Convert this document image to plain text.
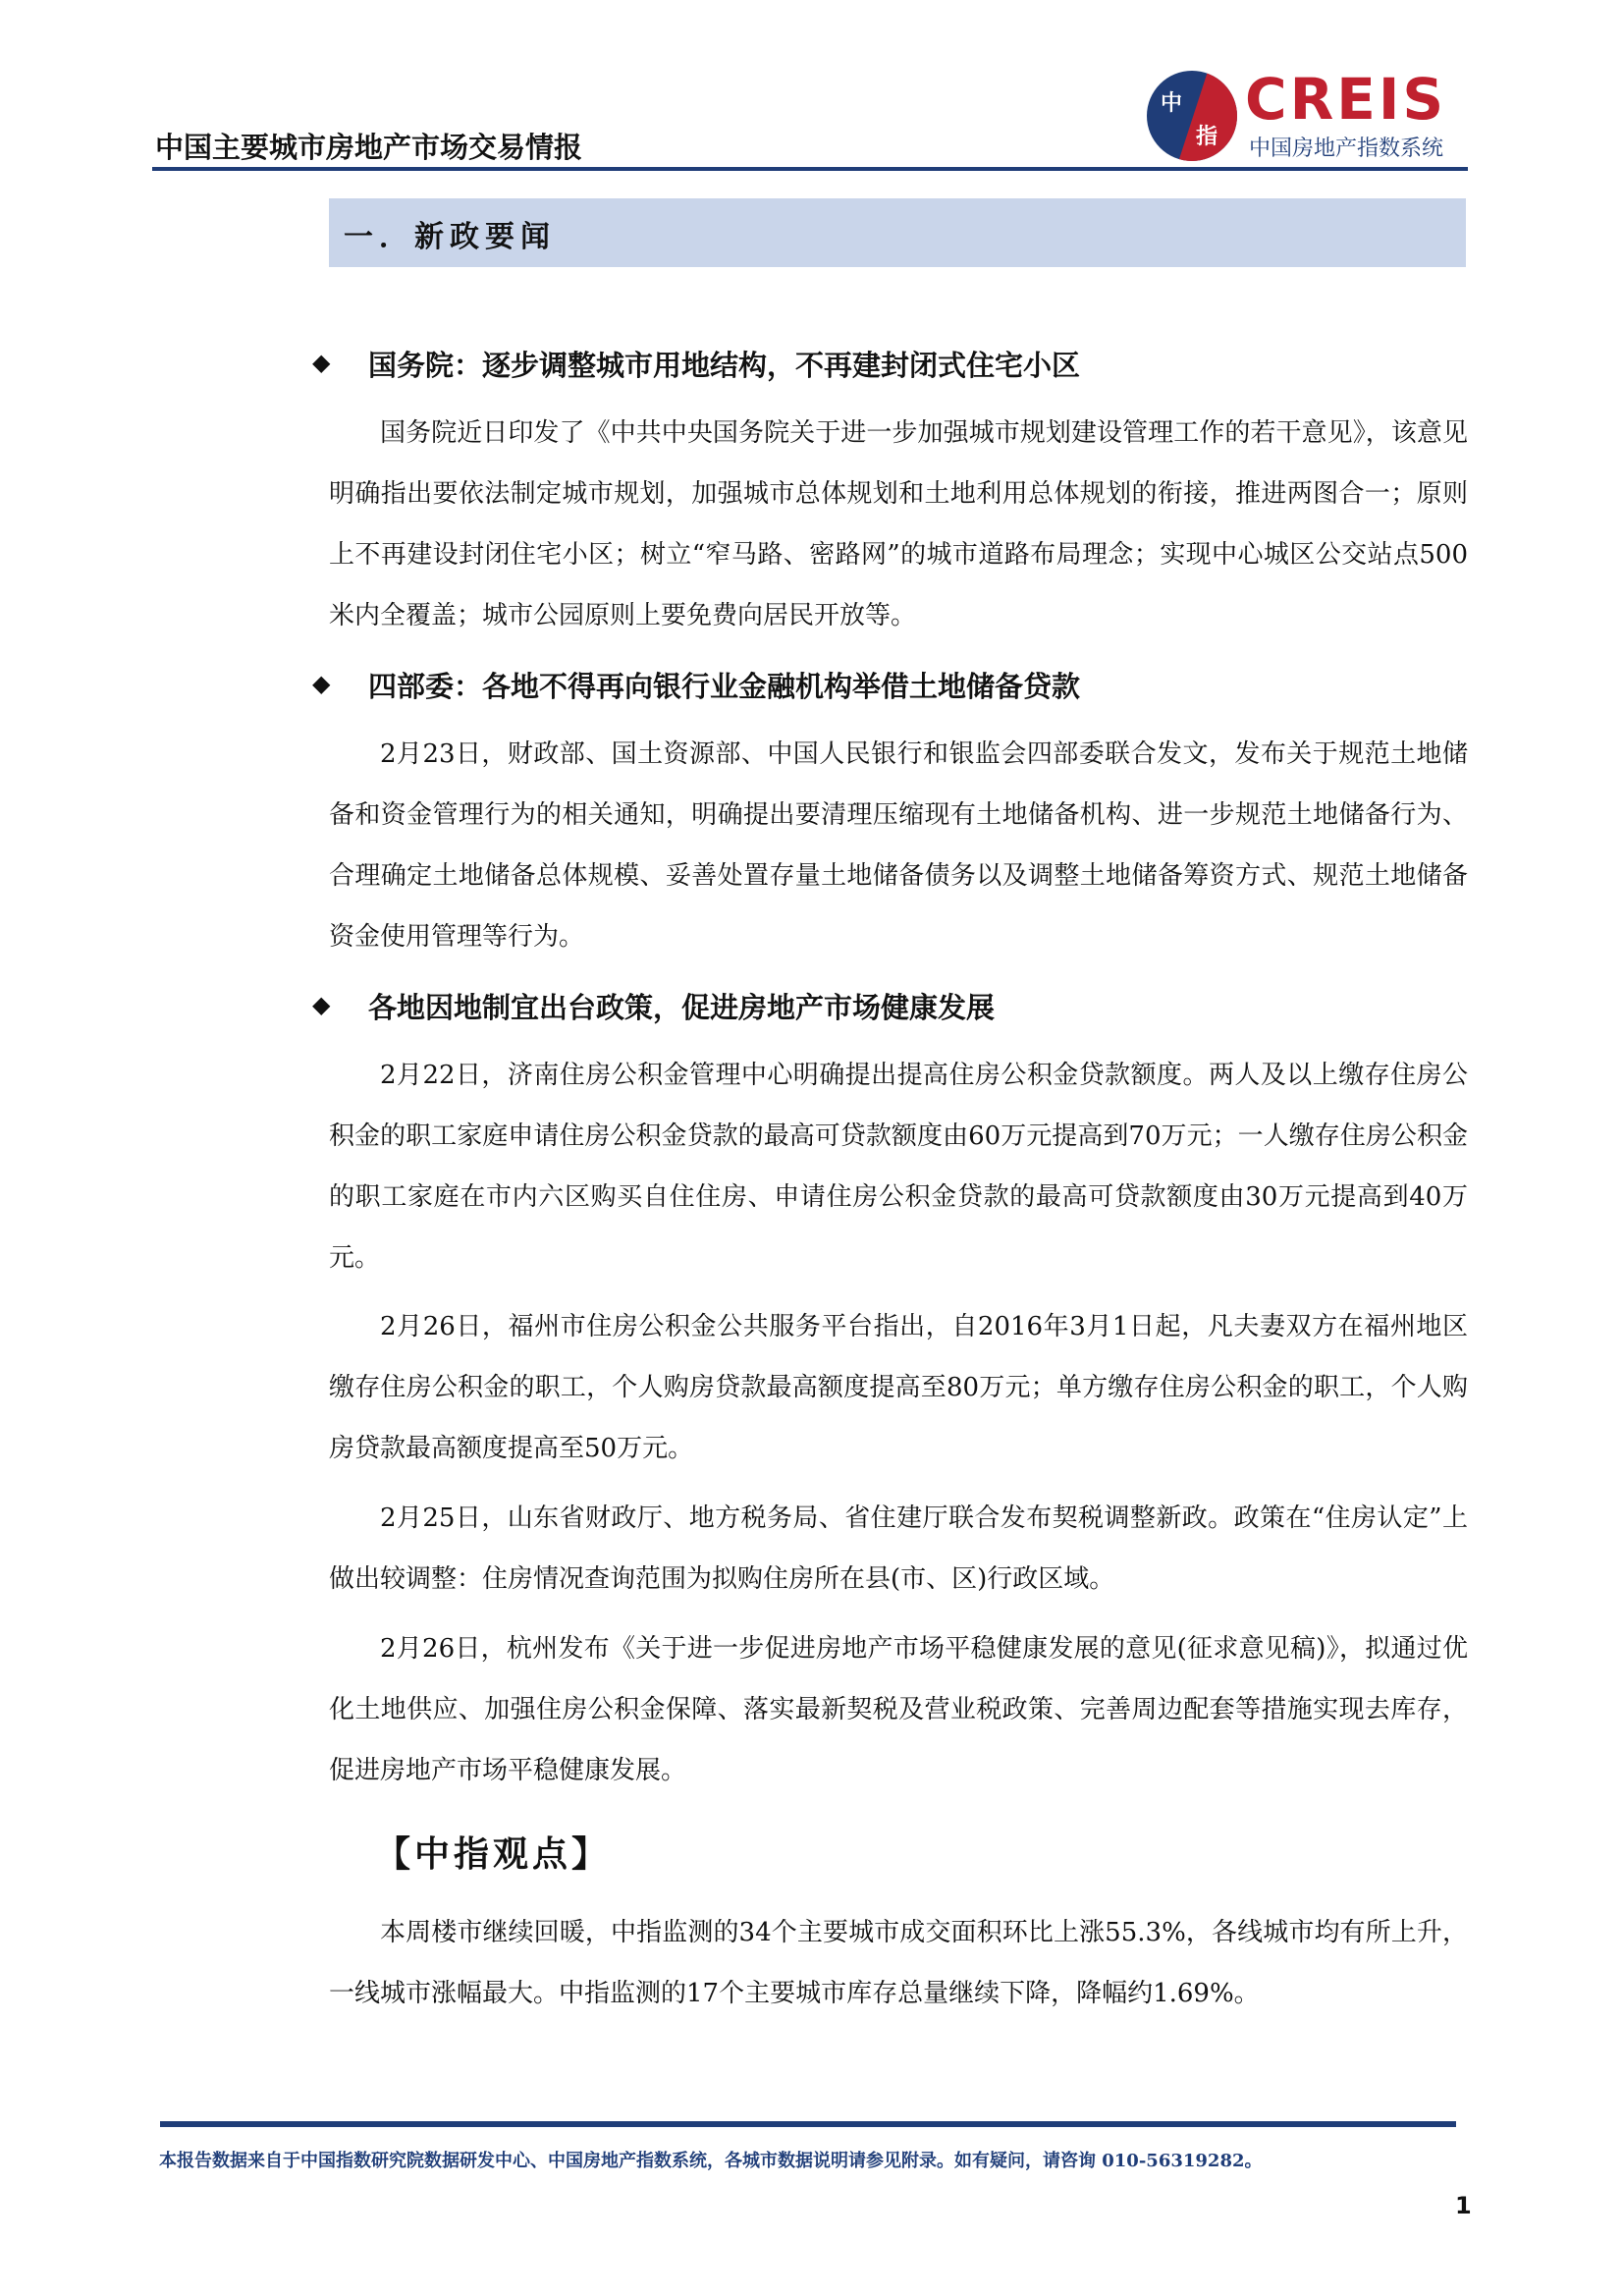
中国主要城市房地产市场交易情报
中
指
CREIS
中国房地产指数系统
一．新政要闻
◆ 国务院：逐步调整城市用地结构，不再建封闭式住宅小区

国务院近日印发了《中共中央国务院关于进一步加强城市规划建设管理工作的若干意见》，该意见明确指出要依法制定城市规划，加强城市总体规划和土地利用总体规划的衔接，推进两图合一；原则上不再建设封闭住宅小区；树立“窄马路、密路网”的城市道路布局理念；实现中心城区公交站点500米内全覆盖；城市公园原则上要免费向居民开放等。

◆ 四部委：各地不得再向银行业金融机构举借土地储备贷款

2月23日，财政部、国土资源部、中国人民银行和银监会四部委联合发文，发布关于规范土地储备和资金管理行为的相关通知，明确提出要清理压缩现有土地储备机构、进一步规范土地储备行为、合理确定土地储备总体规模、妥善处置存量土地储备债务以及调整土地储备筹资方式、规范土地储备资金使用管理等行为。

◆ 各地因地制宜出台政策，促进房地产市场健康发展

2月22日，济南住房公积金管理中心明确提出提高住房公积金贷款额度。两人及以上缴存住房公积金的职工家庭申请住房公积金贷款的最高可贷款额度由60万元提高到70万元；一人缴存住房公积金的职工家庭在市内六区购买自住住房、申请住房公积金贷款的最高可贷款额度由30万元提高到40万元。

2月26日，福州市住房公积金公共服务平台指出，自2016年3月1日起，凡夫妻双方在福州地区缴存住房公积金的职工，个人购房贷款最高额度提高至80万元；单方缴存住房公积金的职工，个人购房贷款最高额度提高至50万元。

2月25日，山东省财政厅、地方税务局、省住建厅联合发布契税调整新政。政策在“住房认定”上做出较调整：住房情况查询范围为拟购住房所在县(市、区)行政区域。

2月26日，杭州发布《关于进一步促进房地产市场平稳健康发展的意见(征求意见稿)》，拟通过优化土地供应、加强住房公积金保障、落实最新契税及营业税政策、完善周边配套等措施实现去库存，促进房地产市场平稳健康发展。

【中指观点】

本周楼市继续回暖，中指监测的34个主要城市成交面积环比上涨55.3%，各线城市均有所上升，一线城市涨幅最大。中指监测的17个主要城市库存总量继续下降，降幅约1.69%。

本报告数据来自于中国指数研究院数据研发中心、中国房地产指数系统，各城市数据说明请参见附录。如有疑问，请咨询 010-56319282。
1
